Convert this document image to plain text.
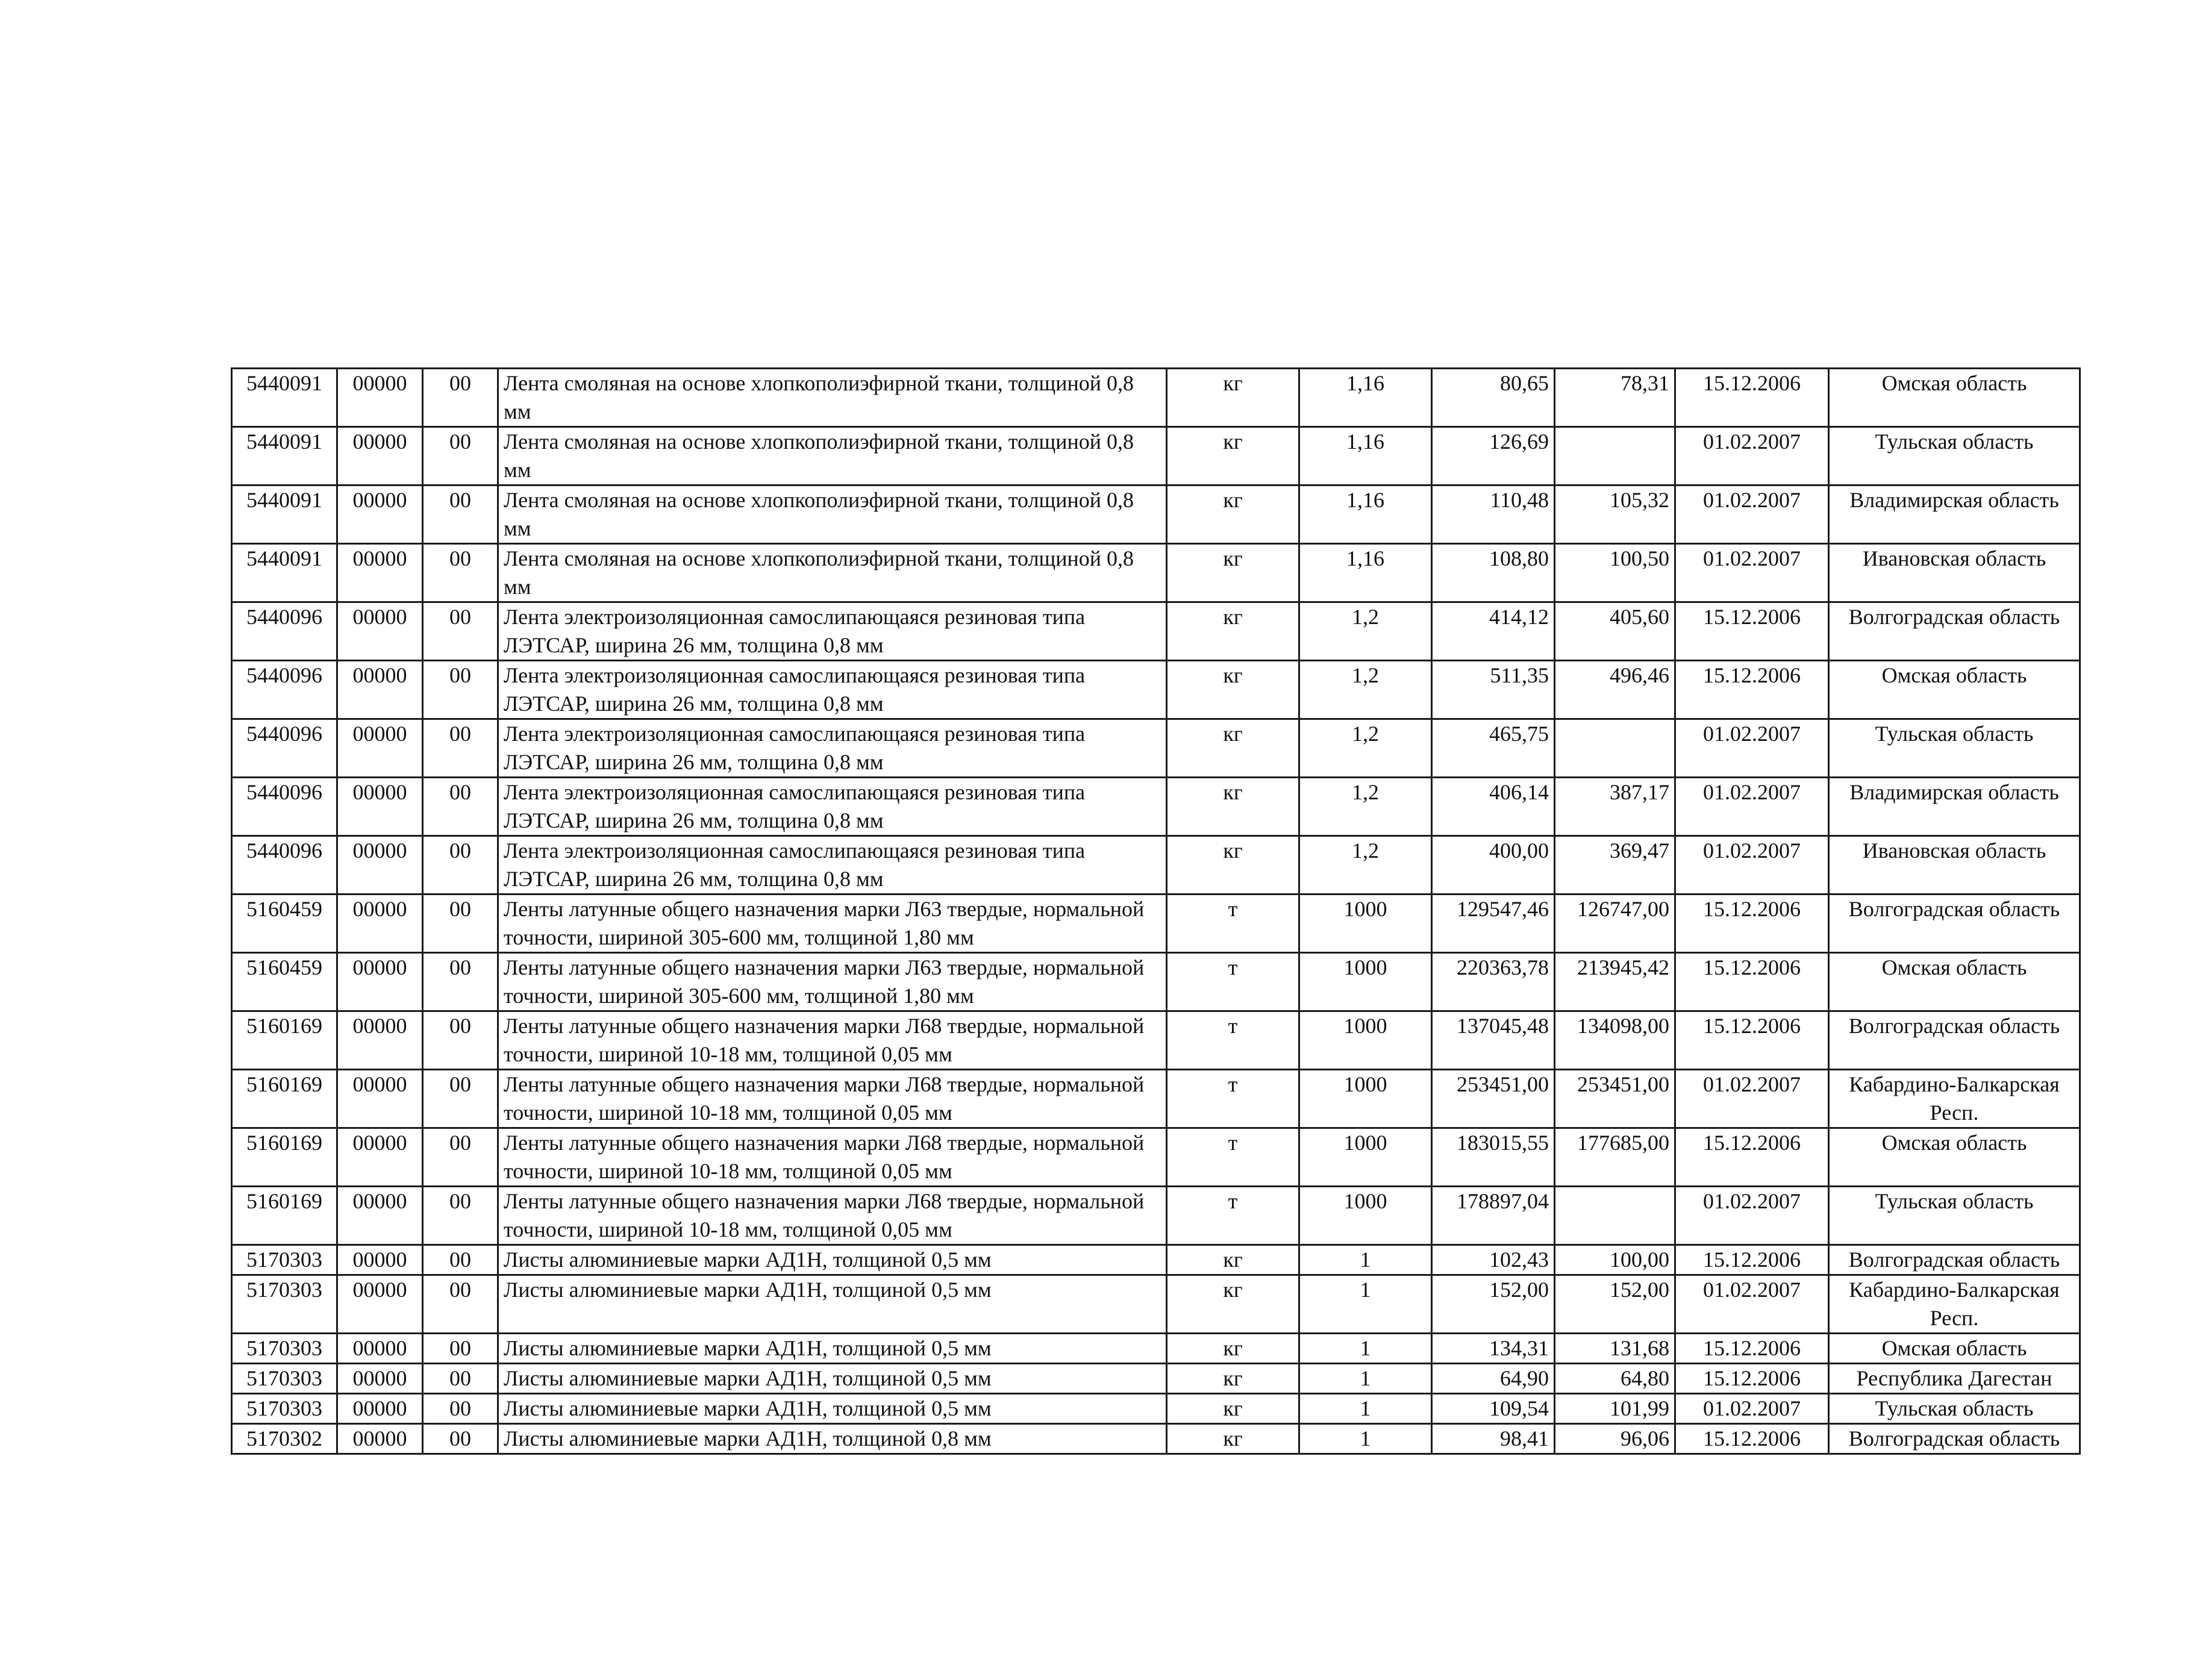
5440091	00000	00	Лента смоляная на основе хлопкополиэфирной ткани, толщиной 0,8 мм	кг	1,16	80,65	78,31	15.12.2006	Омская область
5440091	00000	00	Лента смоляная на основе хлопкополиэфирной ткани, толщиной 0,8 мм	кг	1,16	126,69		01.02.2007	Тульская область
5440091	00000	00	Лента смоляная на основе хлопкополиэфирной ткани, толщиной 0,8 мм	кг	1,16	110,48	105,32	01.02.2007	Владимирская область
5440091	00000	00	Лента смоляная на основе хлопкополиэфирной ткани, толщиной 0,8 мм	кг	1,16	108,80	100,50	01.02.2007	Ивановская область
5440096	00000	00	Лента электроизоляционная самослипающаяся резиновая типа ЛЭТСАР, ширина 26 мм, толщина 0,8 мм	кг	1,2	414,12	405,60	15.12.2006	Волгоградская область
5440096	00000	00	Лента электроизоляционная самослипающаяся резиновая типа ЛЭТСАР, ширина 26 мм, толщина 0,8 мм	кг	1,2	511,35	496,46	15.12.2006	Омская область
5440096	00000	00	Лента электроизоляционная самослипающаяся резиновая типа ЛЭТСАР, ширина 26 мм, толщина 0,8 мм	кг	1,2	465,75		01.02.2007	Тульская область
5440096	00000	00	Лента электроизоляционная самослипающаяся резиновая типа ЛЭТСАР, ширина 26 мм, толщина 0,8 мм	кг	1,2	406,14	387,17	01.02.2007	Владимирская область
5440096	00000	00	Лента электроизоляционная самослипающаяся резиновая типа ЛЭТСАР, ширина 26 мм, толщина 0,8 мм	кг	1,2	400,00	369,47	01.02.2007	Ивановская область
5160459	00000	00	Ленты латунные общего назначения марки Л63 твердые, нормальной точности, шириной 305-600 мм, толщиной 1,80 мм	т	1000	129547,46	126747,00	15.12.2006	Волгоградская область
5160459	00000	00	Ленты латунные общего назначения марки Л63 твердые, нормальной точности, шириной 305-600 мм, толщиной 1,80 мм	т	1000	220363,78	213945,42	15.12.2006	Омская область
5160169	00000	00	Ленты латунные общего назначения марки Л68 твердые, нормальной точности, шириной 10-18 мм, толщиной 0,05 мм	т	1000	137045,48	134098,00	15.12.2006	Волгоградская область
5160169	00000	00	Ленты латунные общего назначения марки Л68 твердые, нормальной точности, шириной 10-18 мм, толщиной 0,05 мм	т	1000	253451,00	253451,00	01.02.2007	Кабардино-Балкарская Респ.
5160169	00000	00	Ленты латунные общего назначения марки Л68 твердые, нормальной точности, шириной 10-18 мм, толщиной 0,05 мм	т	1000	183015,55	177685,00	15.12.2006	Омская область
5160169	00000	00	Ленты латунные общего назначения марки Л68 твердые, нормальной точности, шириной 10-18 мм, толщиной 0,05 мм	т	1000	178897,04		01.02.2007	Тульская область
5170303	00000	00	Листы алюминиевые марки АД1Н, толщиной 0,5 мм	кг	1	102,43	100,00	15.12.2006	Волгоградская область
5170303	00000	00	Листы алюминиевые марки АД1Н, толщиной 0,5 мм	кг	1	152,00	152,00	01.02.2007	Кабардино-Балкарская Респ.
5170303	00000	00	Листы алюминиевые марки АД1Н, толщиной 0,5 мм	кг	1	134,31	131,68	15.12.2006	Омская область
5170303	00000	00	Листы алюминиевые марки АД1Н, толщиной 0,5 мм	кг	1	64,90	64,80	15.12.2006	Республика Дагестан
5170303	00000	00	Листы алюминиевые марки АД1Н, толщиной 0,5 мм	кг	1	109,54	101,99	01.02.2007	Тульская область
5170302	00000	00	Листы алюминиевые марки АД1Н, толщиной 0,8 мм	кг	1	98,41	96,06	15.12.2006	Волгоградская область
